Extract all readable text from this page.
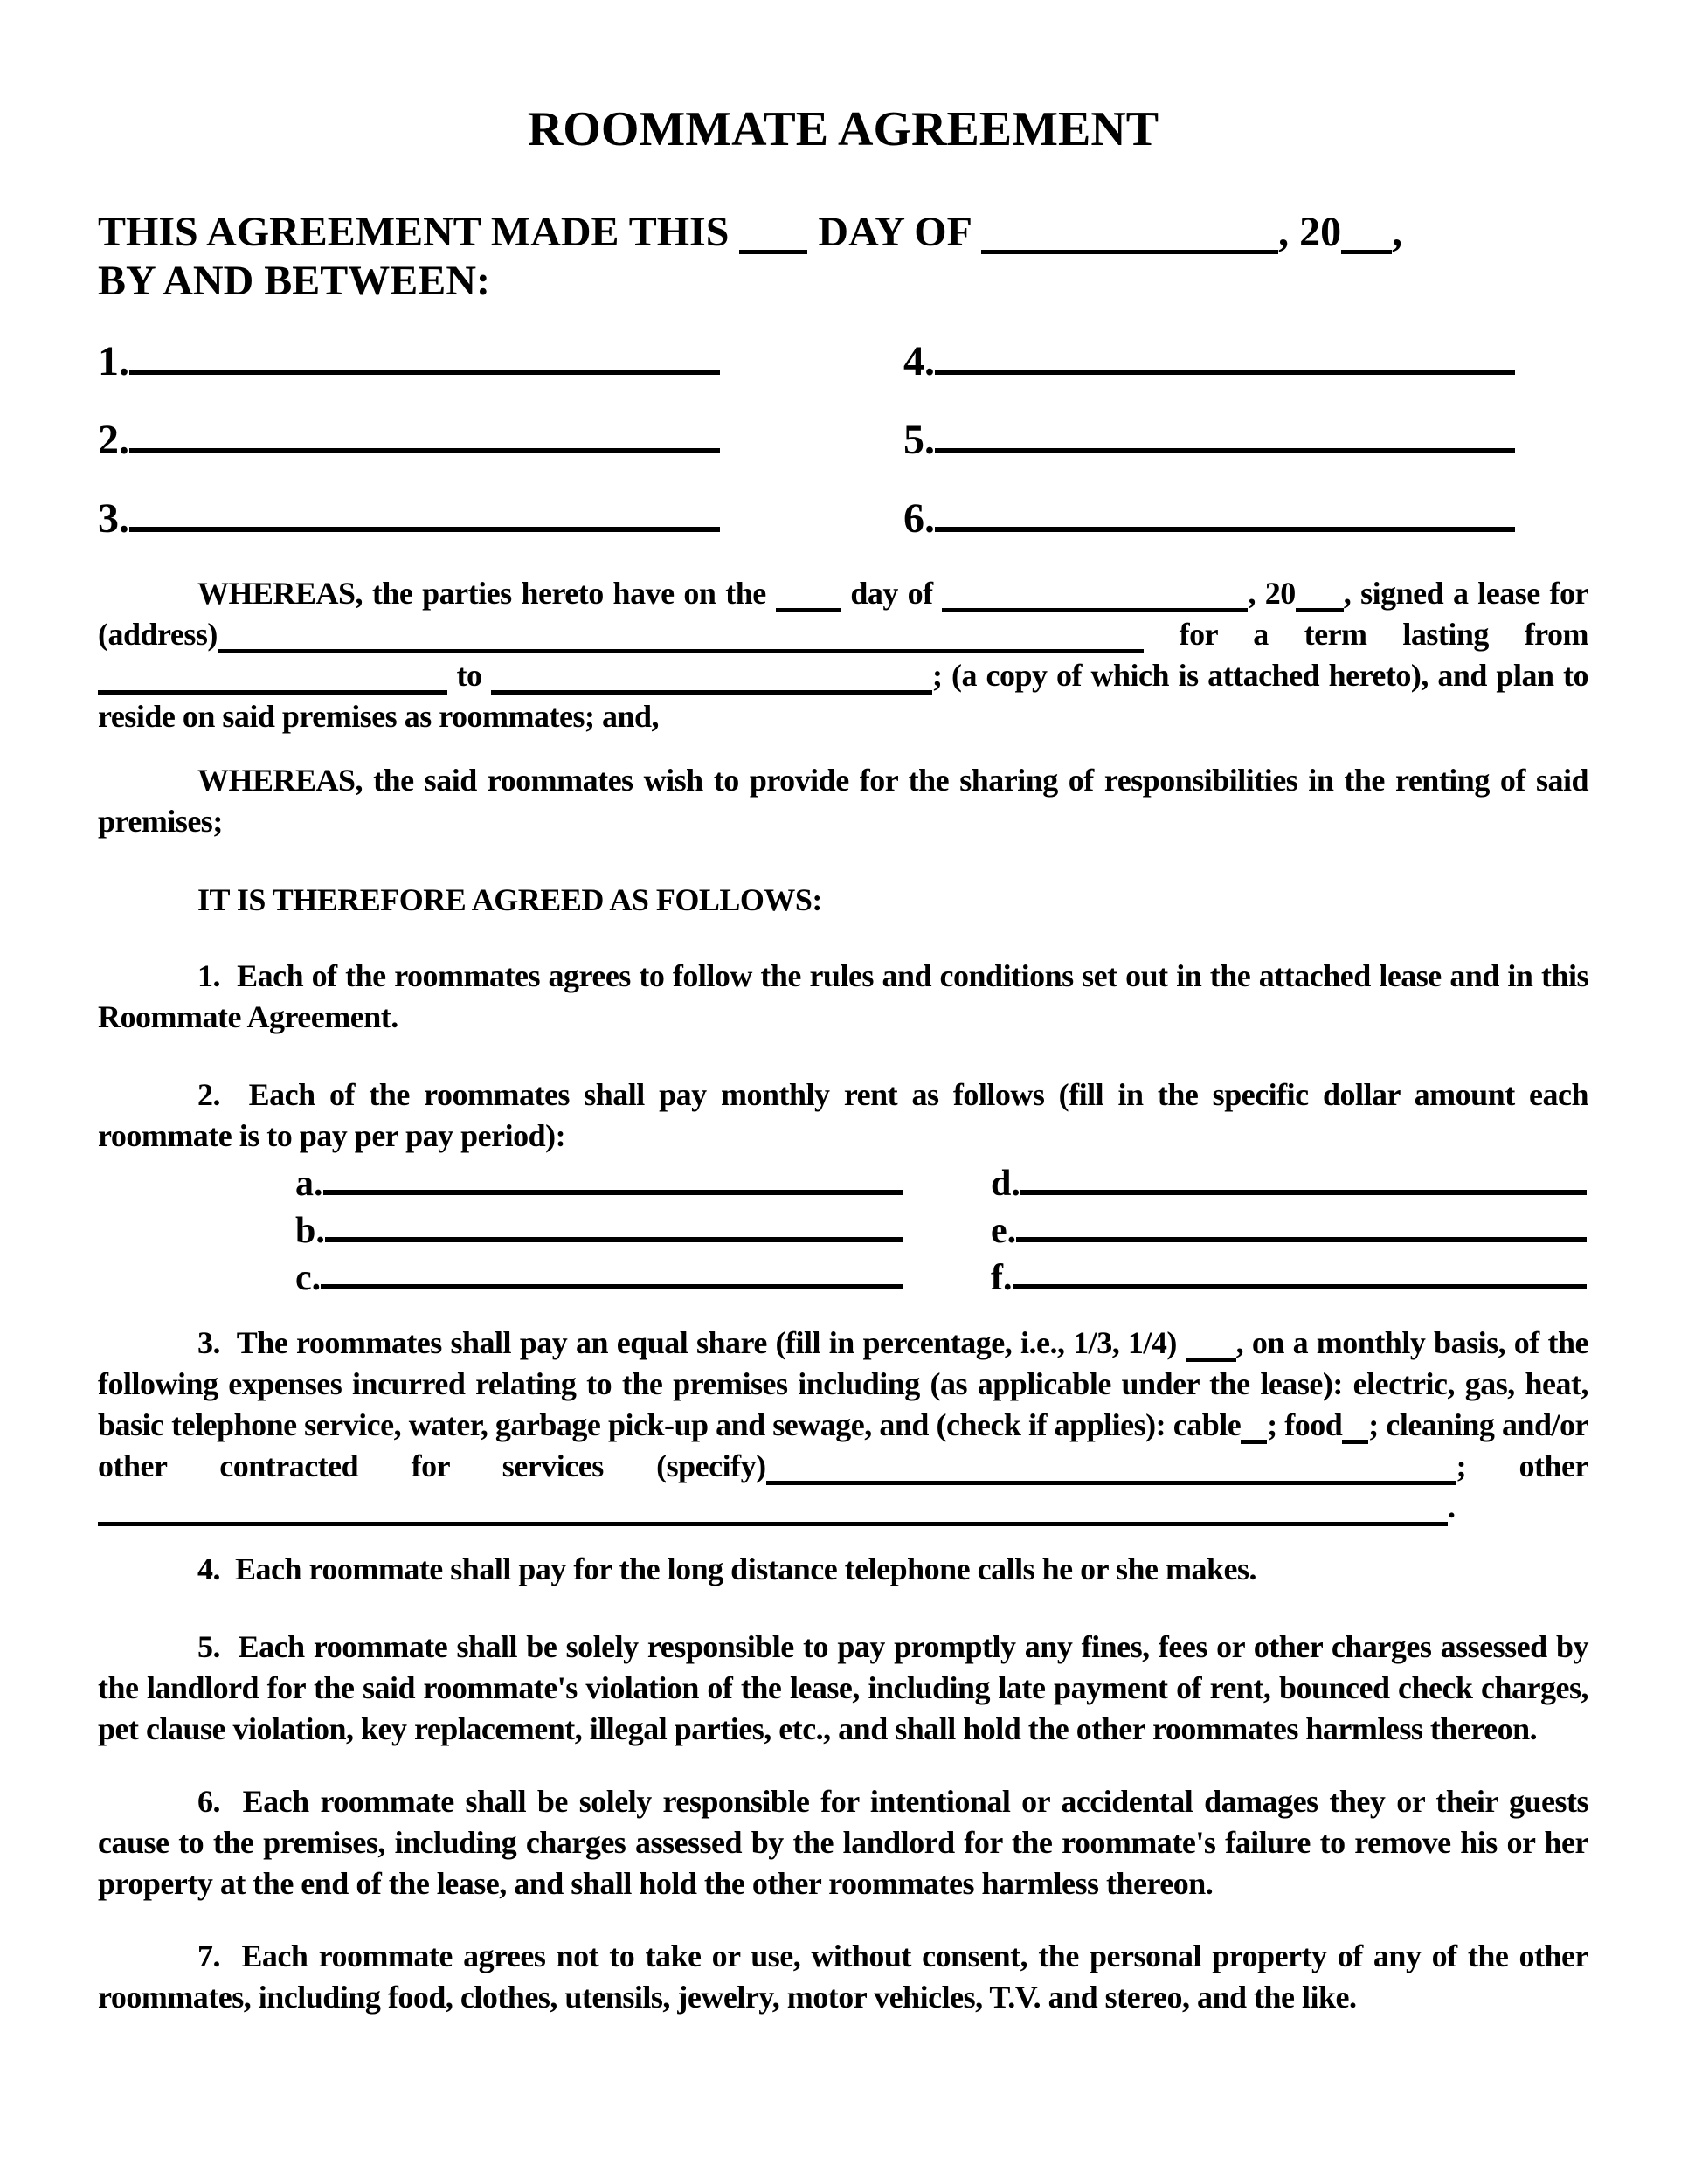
ROOMMATE AGREEMENT
THIS AGREEMENT MADE THIS  DAY OF	, 20 ,
BY AND BETWEEN:
1.	4.
2.	5.
3.	6.

WHEREAS, the parties hereto have on the  day of	, 20 , signed a lease for (address)	for a term lasting from  to	; (a copy of which is attached hereto), and plan to reside on said premises as roommates; and,

WHEREAS, the said roommates wish to provide for the sharing of responsibilities in the renting of said premises;

IT IS THEREFORE AGREED AS FOLLOWS:

1.  Each of the roommates agrees to follow the rules and conditions set out in the attached lease and in this Roommate Agreement.

2.  Each of the roommates shall pay monthly rent as follows (fill in the specific dollar amount each roommate is to pay per pay period):

a.	d.
b.	e.
c.	f.

3.  The roommates shall pay an equal share (fill in percentage, i.e., 1/3, 1/4) , on a monthly basis, of the following expenses incurred relating to the premises including (as applicable under the lease): electric, gas, heat, basic telephone service, water, garbage pick-up and sewage, and (check if applies): cable ; food ; cleaning and/or other contracted for services (specify)	; other.

4.  Each roommate shall pay for the long distance telephone calls he or she makes.

5.  Each roommate shall be solely responsible to pay promptly any fines, fees or other charges assessed by the landlord for the said roommate's violation of the lease, including late payment of rent, bounced check charges, pet clause violation, key replacement, illegal parties, etc., and shall hold the other roommates harmless thereon.

6.  Each roommate shall be solely responsible for intentional or accidental damages they or their guests cause to the premises, including charges assessed by the landlord for the roommate's failure to remove his or her property at the end of the lease, and shall hold the other roommates harmless thereon.

7.  Each roommate agrees not to take or use, without consent, the personal property of any of the other roommates, including food, clothes, utensils, jewelry, motor vehicles, T.V. and stereo, and the like.
